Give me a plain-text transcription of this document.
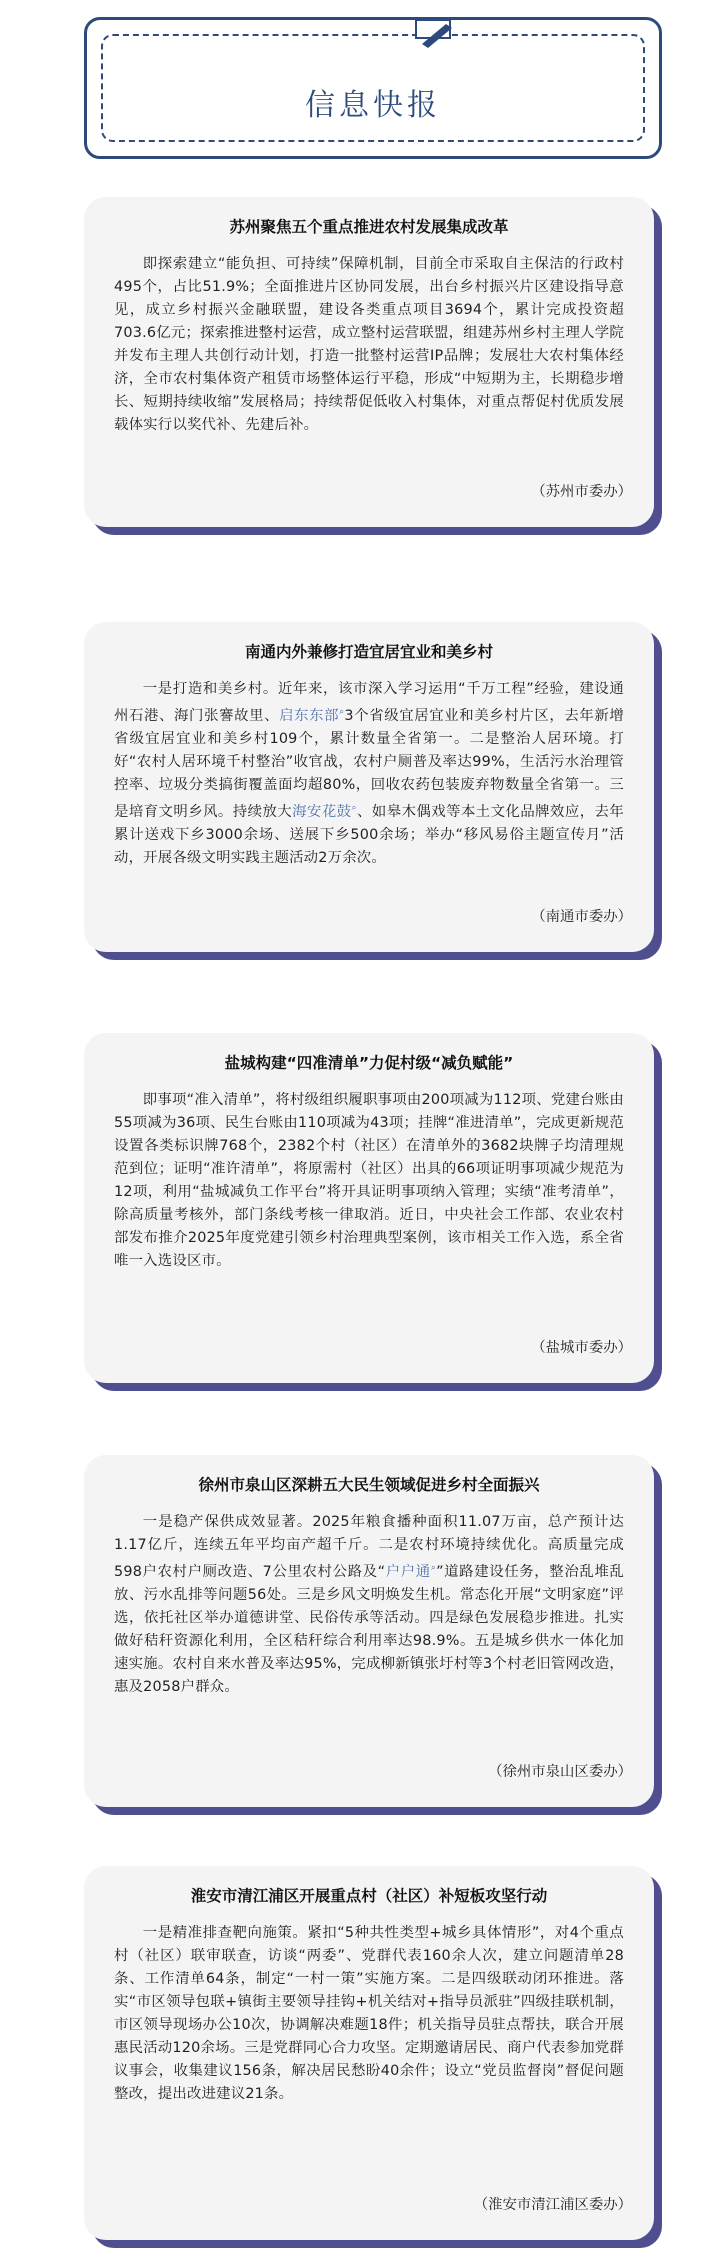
信息快报
苏州聚焦五个重点推进农村发展集成改革

即探索建立“能负担、可持续”保障机制，目前全市采取自主保洁的行政村495个，占比51.9%；全面推进片区协同发展，出台乡村振兴片区建设指导意见，成立乡村振兴金融联盟，建设各类重点项目3694个，累计完成投资超703.6亿元；探索推进整村运营，成立整村运营联盟，组建苏州乡村主理人学院并发布主理人共创行动计划，打造一批整村运营IP品牌；发展壮大农村集体经济，全市农村集体资产租赁市场整体运行平稳，形成“中短期为主，长期稳步增长、短期持续收缩”发展格局；持续帮促低收入村集体，对重点帮促村优质发展载体实行以奖代补、先建后补。

（苏州市委办）
南通内外兼修打造宜居宜业和美乡村

一是打造和美乡村。近年来，该市深入学习运用“千万工程”经验，建设通州石港、海门张謇故里、启东东部⌕3个省级宜居宜业和美乡村片区，去年新增省级宜居宜业和美乡村109个，累计数量全省第一。二是整治人居环境。打好“农村人居环境千村整治”收官战，农村户厕普及率达99%，生活污水治理管控率、垃圾分类搞街覆盖面均超80%，回收农药包装废弃物数量全省第一。三是培育文明乡风。持续放大海安花鼓⌕、如皋木偶戏等本土文化品牌效应，去年累计送戏下乡3000余场、送展下乡500余场；举办“移风易俗主题宣传月”活动，开展各级文明实践主题活动2万余次。

（南通市委办）
盐城构建“四准清单”力促村级“减负赋能”

即事项“准入清单”，将村级组织履职事项由200项减为112项、党建台账由55项减为36项、民生台账由110项减为43项；挂牌“准进清单”，完成更新规范设置各类标识牌768个，2382个村（社区）在清单外的3682块牌子均清理规范到位；证明“准许清单”，将原需村（社区）出具的66项证明事项减少规范为12项，利用“盐城减负工作平台”将开具证明事项纳入管理；实绩“准考清单”，除高质量考核外，部门条线考核一律取消。近日，中央社会工作部、农业农村部发布推介2025年度党建引领乡村治理典型案例，该市相关工作入选，系全省唯一入选设区市。

（盐城市委办）
徐州市泉山区深耕五大民生领域促进乡村全面振兴

一是稳产保供成效显著。2025年粮食播种面积11.07万亩，总产预计达1.17亿斤，连续五年平均亩产超千斤。二是农村环境持续优化。高质量完成598户农村户厕改造、7公里农村公路及“户户通⌕”道路建设任务，整治乱堆乱放、污水乱排等问题56处。三是乡风文明焕发生机。常态化开展“文明家庭”评选，依托社区举办道德讲堂、民俗传承等活动。四是绿色发展稳步推进。扎实做好秸秆资源化利用，全区秸秆综合利用率达98.9%。五是城乡供水一体化加速实施。农村自来水普及率达95%，完成柳新镇张圩村等3个村老旧管网改造，惠及2058户群众。

（徐州市泉山区委办）
淮安市清江浦区开展重点村（社区）补短板攻坚行动

一是精准排查靶向施策。紧扣“5种共性类型+城乡具体情形”，对4个重点村（社区）联审联查，访谈“两委”、党群代表160余人次，建立问题清单28条、工作清单64条，制定“一村一策”实施方案。二是四级联动闭环推进。落实“市区领导包联+镇街主要领导挂钩+机关结对+指导员派驻”四级挂联机制，市区领导现场办公10次，协调解决难题18件；机关指导员驻点帮扶，联合开展惠民活动120余场。三是党群同心合力攻坚。定期邀请居民、商户代表参加党群议事会，收集建议156条，解决居民愁盼40余件；设立“党员监督岗”督促问题整改，提出改进建议21条。

（淮安市清江浦区委办）
